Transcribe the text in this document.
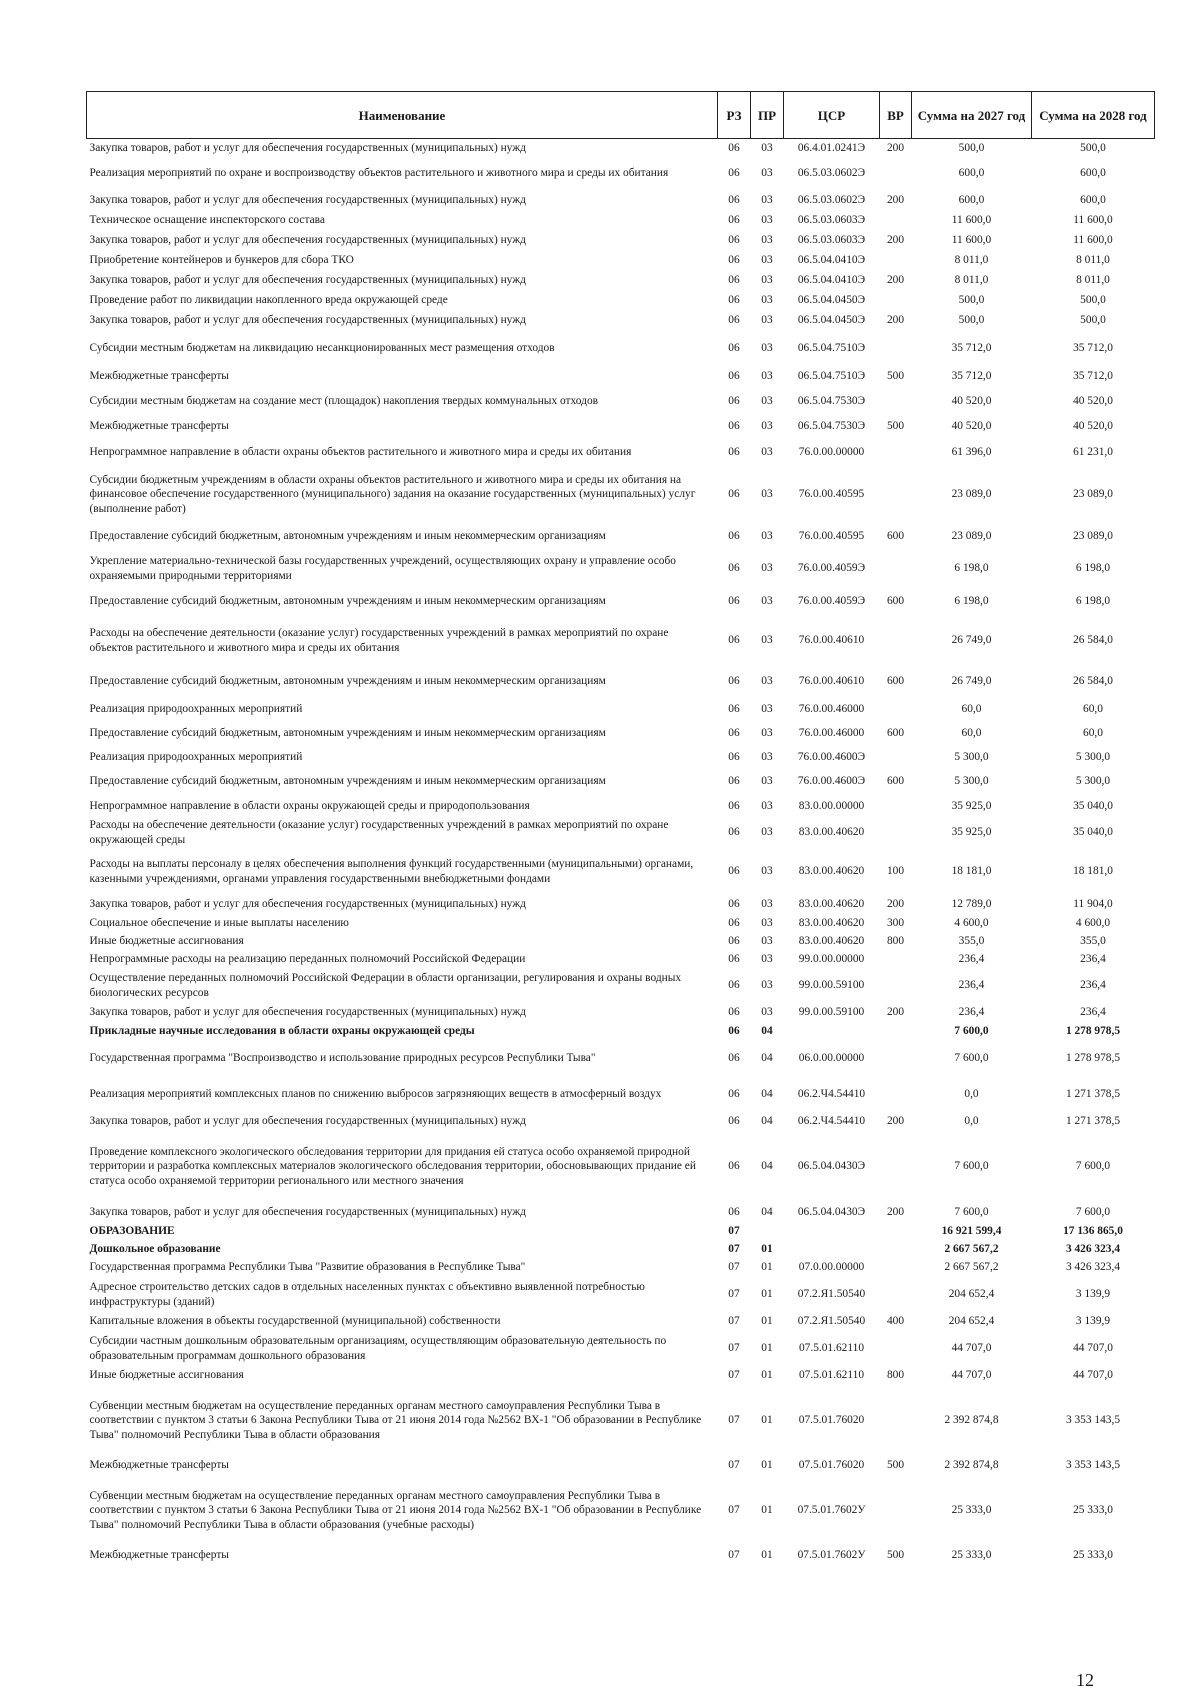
Наименование	РЗ	ПР	ЦСР	ВР	Сумма на 2027 год	Сумма на 2028 год
Закупка товаров, работ и услуг для обеспечения государственных (муниципальных) нужд	06	03	06.4.01.0241Э	200	500,0	500,0
Реализация мероприятий по охране и воспроизводству объектов растительного и животного мира и среды их обитания	06	03	06.5.03.0602Э		600,0	600,0
Закупка товаров, работ и услуг для обеспечения государственных (муниципальных) нужд	06	03	06.5.03.0602Э	200	600,0	600,0
Техническое оснащение инспекторского состава	06	03	06.5.03.0603Э		11 600,0	11 600,0
Закупка товаров, работ и услуг для обеспечения государственных (муниципальных) нужд	06	03	06.5.03.0603Э	200	11 600,0	11 600,0
Приобретение контейнеров и бункеров для сбора ТКО	06	03	06.5.04.0410Э		8 011,0	8 011,0
Закупка товаров, работ и услуг для обеспечения государственных (муниципальных) нужд	06	03	06.5.04.0410Э	200	8 011,0	8 011,0
Проведение работ по ликвидации накопленного вреда окружающей среде	06	03	06.5.04.0450Э		500,0	500,0
Закупка товаров, работ и услуг для обеспечения государственных (муниципальных) нужд	06	03	06.5.04.0450Э	200	500,0	500,0
Субсидии местным бюджетам на ликвидацию несанкционированных мест размещения отходов	06	03	06.5.04.7510Э		35 712,0	35 712,0
Межбюджетные трансферты	06	03	06.5.04.7510Э	500	35 712,0	35 712,0
Субсидии местным бюджетам на создание мест (площадок) накопления твердых коммунальных отходов	06	03	06.5.04.7530Э		40 520,0	40 520,0
Межбюджетные трансферты	06	03	06.5.04.7530Э	500	40 520,0	40 520,0
Непрограммное направление в области охраны объектов растительного и животного мира и среды их обитания	06	03	76.0.00.00000		61 396,0	61 231,0
Субсидии бюджетным учреждениям в области охраны объектов растительного и животного мира и среды их обитания на финансовое обеспечение государственного (муниципального) задания на оказание государственных (муниципальных) услуг (выполнение работ)	06	03	76.0.00.40595		23 089,0	23 089,0
Предоставление субсидий бюджетным, автономным учреждениям и иным некоммерческим организациям	06	03	76.0.00.40595	600	23 089,0	23 089,0
Укрепление материально-технической базы государственных учреждений, осуществляющих охрану и управление особо охраняемыми природными территориями	06	03	76.0.00.4059Э		6 198,0	6 198,0
Предоставление субсидий бюджетным, автономным учреждениям и иным некоммерческим организациям	06	03	76.0.00.4059Э	600	6 198,0	6 198,0
Расходы на обеспечение деятельности (оказание услуг) государственных учреждений в рамках мероприятий по охране объектов растительного и животного мира и среды их обитания	06	03	76.0.00.40610		26 749,0	26 584,0
Предоставление субсидий бюджетным, автономным учреждениям и иным некоммерческим организациям	06	03	76.0.00.40610	600	26 749,0	26 584,0
Реализация природоохранных мероприятий	06	03	76.0.00.46000		60,0	60,0
Предоставление субсидий бюджетным, автономным учреждениям и иным некоммерческим организациям	06	03	76.0.00.46000	600	60,0	60,0
Реализация природоохранных мероприятий	06	03	76.0.00.4600Э		5 300,0	5 300,0
Предоставление субсидий бюджетным, автономным учреждениям и иным некоммерческим организациям	06	03	76.0.00.4600Э	600	5 300,0	5 300,0
Непрограммное направление в области охраны окружающей среды и природопользования	06	03	83.0.00.00000		35 925,0	35 040,0
Расходы на обеспечение деятельности (оказание услуг) государственных учреждений в рамках мероприятий по охране окружающей среды	06	03	83.0.00.40620		35 925,0	35 040,0
Расходы на выплаты персоналу в целях обеспечения выполнения функций государственными (муниципальными) органами, казенными учреждениями, органами управления государственными внебюджетными фондами	06	03	83.0.00.40620	100	18 181,0	18 181,0
Закупка товаров, работ и услуг для обеспечения государственных (муниципальных) нужд	06	03	83.0.00.40620	200	12 789,0	11 904,0
Социальное обеспечение и иные выплаты населению	06	03	83.0.00.40620	300	4 600,0	4 600,0
Иные бюджетные ассигнования	06	03	83.0.00.40620	800	355,0	355,0
Непрограммные расходы на реализацию переданных полномочий Российской Федерации	06	03	99.0.00.00000		236,4	236,4
Осуществление переданных полномочий Российской Федерации в области организации, регулирования и охраны водных биологических ресурсов	06	03	99.0.00.59100		236,4	236,4
Закупка товаров, работ и услуг для обеспечения государственных (муниципальных) нужд	06	03	99.0.00.59100	200	236,4	236,4
Прикладные научные исследования в области охраны окружающей среды	06	04			7 600,0	1 278 978,5
Государственная программа "Воспроизводство и использование природных ресурсов Республики Тыва"	06	04	06.0.00.00000		7 600,0	1 278 978,5
Реализация мероприятий комплексных планов по снижению выбросов загрязняющих веществ в атмосферный воздух	06	04	06.2.Ч4.54410		0,0	1 271 378,5
Закупка товаров, работ и услуг для обеспечения государственных (муниципальных) нужд	06	04	06.2.Ч4.54410	200	0,0	1 271 378,5
Проведение комплексного экологического обследования территории для придания ей статуса особо охраняемой природной территории и разработка комплексных материалов экологического обследования территории, обосновывающих придание ей статуса особо охраняемой территории регионального или местного значения	06	04	06.5.04.0430Э		7 600,0	7 600,0
Закупка товаров, работ и услуг для обеспечения государственных (муниципальных) нужд	06	04	06.5.04.0430Э	200	7 600,0	7 600,0
ОБРАЗОВАНИЕ	07				16 921 599,4	17 136 865,0
Дошкольное образование	07	01			2 667 567,2	3 426 323,4
Государственная программа Республики Тыва "Развитие образования в Республике Тыва"	07	01	07.0.00.00000		2 667 567,2	3 426 323,4
Адресное строительство детских садов в отдельных населенных пунктах с объективно выявленной потребностью инфраструктуры (зданий)	07	01	07.2.Я1.50540		204 652,4	3 139,9
Капитальные вложения в объекты государственной (муниципальной) собственности	07	01	07.2.Я1.50540	400	204 652,4	3 139,9
Субсидии частным дошкольным образовательным организациям, осуществляющим образовательную деятельность по образовательным программам дошкольного образования	07	01	07.5.01.62110		44 707,0	44 707,0
Иные бюджетные ассигнования	07	01	07.5.01.62110	800	44 707,0	44 707,0
Субвенции местным бюджетам на осуществление переданных органам местного самоуправления Республики Тыва в соответствии с пунктом 3 статьи 6 Закона Республики Тыва от 21 июня 2014 года №2562 ВХ-1 "Об образовании в Республике Тыва" полномочий Республики Тыва в области образования	07	01	07.5.01.76020		2 392 874,8	3 353 143,5
Межбюджетные трансферты	07	01	07.5.01.76020	500	2 392 874,8	3 353 143,5
Субвенции местным бюджетам на осуществление переданных органам местного самоуправления Республики Тыва в соответствии с пунктом 3 статьи 6 Закона Республики Тыва от 21 июня 2014 года №2562 ВХ-1 "Об образовании в Республике Тыва" полномочий Республики Тыва в области образования (учебные расходы)	07	01	07.5.01.7602У		25 333,0	25 333,0
Межбюджетные трансферты	07	01	07.5.01.7602У	500	25 333,0	25 333,0
12
